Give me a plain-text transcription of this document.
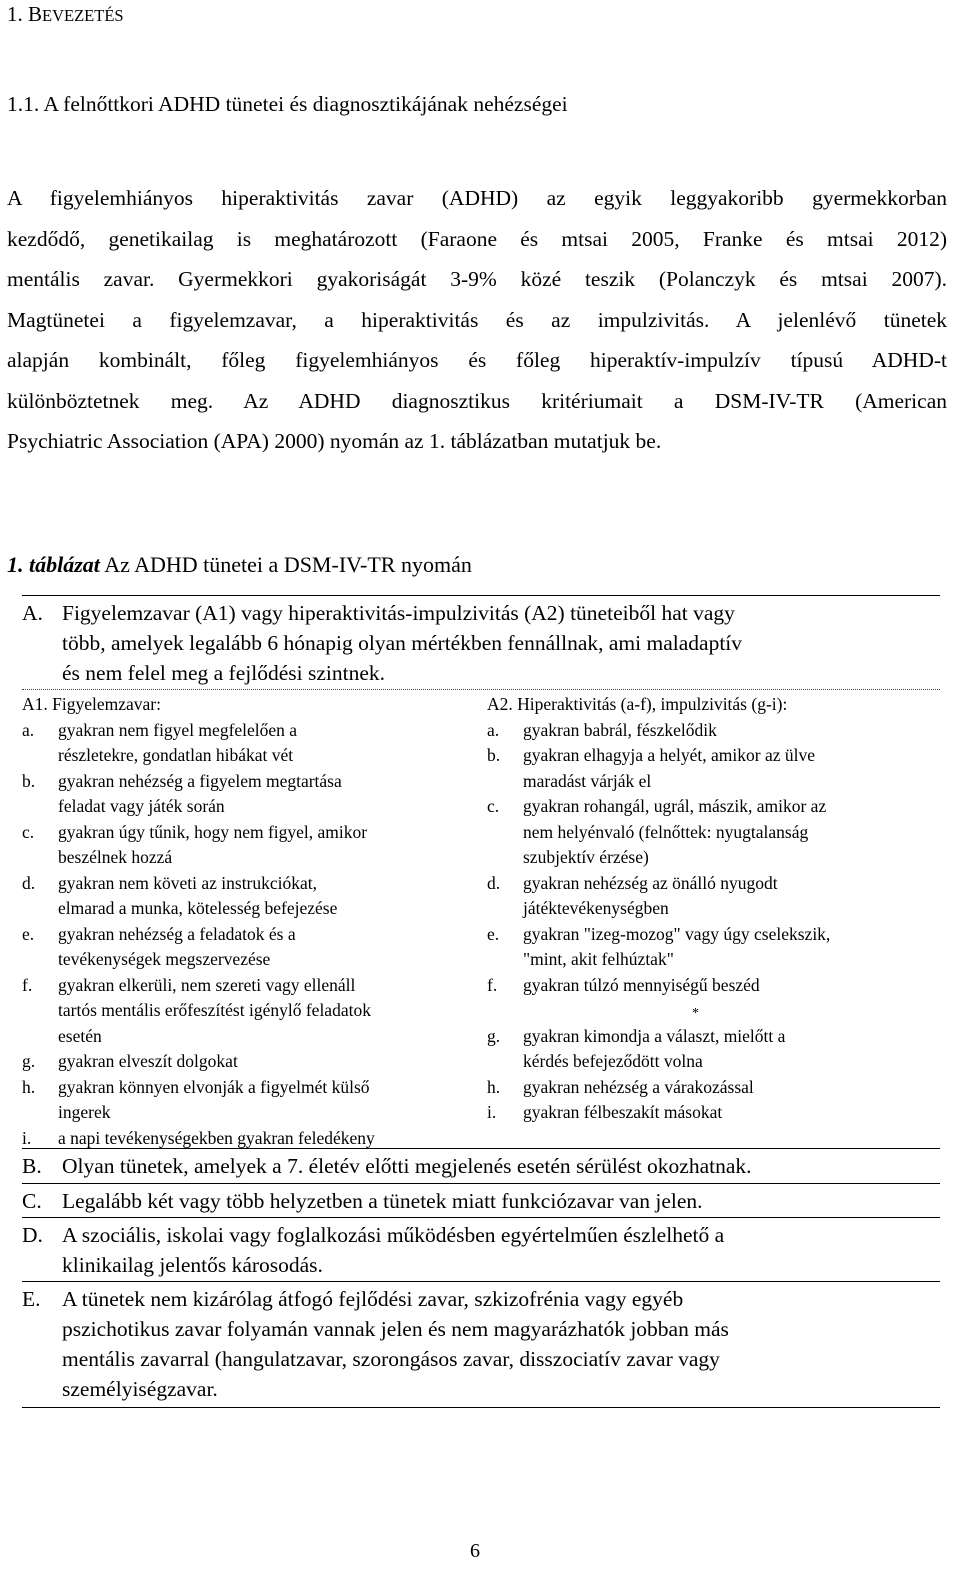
1. BEVEZETÉS
1.1. A felnőttkori ADHD tünetei és diagnosztikájának nehézségei
A figyelemhiányos hiperaktivitás zavar (ADHD) az egyik leggyakoribb gyermekkorban
kezdődő, genetikailag is meghatározott (Faraone és mtsai 2005, Franke és mtsai 2012)
mentális zavar. Gyermekkori gyakoriságát 3-9% közé teszik (Polanczyk és mtsai 2007).
Magtünetei a figyelemzavar, a hiperaktivitás és az impulzivitás. A jelenlévő tünetek
alapján kombinált, főleg figyelemhiányos és főleg hiperaktív-impulzív típusú ADHD-t
különböztetnek meg. Az ADHD diagnosztikus kritériumait a DSM-IV-TR (American
Psychiatric Association (APA) 2000) nyomán az 1. táblázatban mutatjuk be.
1. táblázat Az ADHD tünetei a DSM-IV-TR nyomán
A. Figyelemzavar (A1) vagy hiperaktivitás-impulzivitás (A2) tüneteiből hat vagy
több, amelyek legalább 6 hónapig olyan mértékben fennállnak, ami maladaptív
és nem felel meg a fejlődési szintnek.
A1. Figyelemzavar:
a. gyakran nem figyel megfelelően a
részletekre, gondatlan hibákat vét
b. gyakran nehézség a figyelem megtartása
feladat vagy játék során
c. gyakran úgy tűnik, hogy nem figyel, amikor
beszélnek hozzá
d. gyakran nem követi az instrukciókat,
elmarad a munka, kötelesség befejezése
e. gyakran nehézség a feladatok és a
tevékenységek megszervezése
f. gyakran elkerüli, nem szereti vagy ellenáll
tartós mentális erőfeszítést igénylő feladatok
esetén
g. gyakran elveszít dolgokat
h. gyakran könnyen elvonják a figyelmét külső
ingerek
i. a napi tevékenységekben gyakran feledékeny
A2. Hiperaktivitás (a-f), impulzivitás (g-i):
a. gyakran babrál, fészkelődik
b. gyakran elhagyja a helyét, amikor az ülve
maradást várják el
c. gyakran rohangál, ugrál, mászik, amikor az
nem helyénvaló (felnőttek: nyugtalanság
szubjektív érzése)
d. gyakran nehézség az önálló nyugodt
játéktevékenységben
e. gyakran "izeg-mozog" vagy úgy cselekszik,
"mint, akit felhúztak"
f. gyakran túlzó mennyiségű beszéd
*
g. gyakran kimondja a választ, mielőtt a
kérdés befejeződött volna
h. gyakran nehézség a várakozással
i. gyakran félbeszakít másokat
B. Olyan tünetek, amelyek a 7. életév előtti megjelenés esetén sérülést okozhatnak.
C. Legalább két vagy több helyzetben a tünetek miatt funkciózavar van jelen.
D. A szociális, iskolai vagy foglalkozási működésben egyértelműen észlelhető a
klinikailag jelentős károsodás.
E. A tünetek nem kizárólag átfogó fejlődési zavar, szkizofrénia vagy egyéb
pszichotikus zavar folyamán vannak jelen és nem magyarázhatók jobban más
mentális zavarral (hangulatzavar, szorongásos zavar, disszociatív zavar vagy
személyiségzavar.
6
